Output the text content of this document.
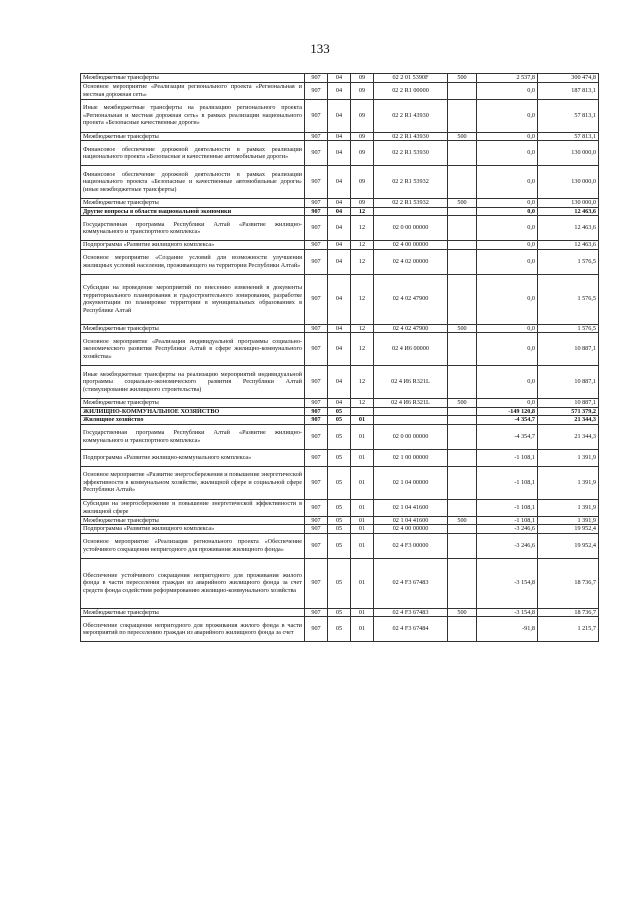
133
Межбюджетные трансферты	907	04	09	02 2 01 5390F	500	2 537,8	300 474,8
Основное мероприятие «Реализация регионального проекта «Региональная и местная дорожная сеть»	907	04	09	02 2 R1 00000		0,0	187 813,1
Иные межбюджетные трансферты на реализацию регионального проекта «Региональная и местная дорожная сеть» в рамках реализации национального проекта «Безопасные качественные дороги»	907	04	09	02 2 R1 43930		0,0	57 813,1
Межбюджетные трансферты	907	04	09	02 2 R1 43930	500	0,0	57 813,1
Финансовое обеспечение дорожной деятельности в рамках реализации национального проекта «Безопасные и качественные автомобильные дороги»	907	04	09	02 2 R1 53930		0,0	130 000,0
Финансовое обеспечение дорожной деятельности в рамках реализации национального проекта «Безопасные и качественные автомобильные дороги» (иные межбюджетные трансферты)	907	04	09	02 2 R1 53932		0,0	130 000,0
Межбюджетные трансферты	907	04	09	02 2 R1 53932	500	0,0	130 000,0
Другие вопросы в области национальной экономики	907	04	12			0,0	12 463,6
Государственная программа Республики Алтай «Развитие жилищно-коммунального и транспортного комплекса»	907	04	12	02 0 00 00000		0,0	12 463,6
Подпрограмма «Развитие жилищного комплекса»	907	04	12	02 4 00 00000		0,0	12 463,6
Основное мероприятие «Создание условий для возможности улучшения жилищных условий населения, проживающего на территории Республики Алтай»	907	04	12	02 4 02 00000		0,0	1 576,5
Субсидии на проведение мероприятий по внесению изменений в документы территориального планирования и градостроительного зонирования, разработке документации по планировке территории в муниципальных образованиях в Республике Алтай	907	04	12	02 4 02 47900		0,0	1 576,5
Межбюджетные трансферты	907	04	12	02 4 02 47900	500	0,0	1 576,5
Основное мероприятие «Реализация индивидуальной программы социально-экономического развития Республики Алтай в сфере жилищно-коммунального хозяйства»	907	04	12	02 4 И6 00000		0,0	10 887,1
Иные межбюджетные трансферты на реализацию мероприятий индивидуальной программы социально-экономического развития Республики Алтай (стимулирование жилищного строительства)	907	04	12	02 4 И6 R321L		0,0	10 887,1
Межбюджетные трансферты	907	04	12	02 4 И6 R321L	500	0,0	10 887,1
ЖИЛИЩНО-КОММУНАЛЬНОЕ ХОЗЯЙСТВО	907	05				-149 120,8	571 379,2
Жилищное хозяйство	907	05	01			-4 354,7	21 344,3
Государственная программа Республики Алтай «Развитие жилищно-коммунального и транспортного комплекса»	907	05	01	02 0 00 00000		-4 354,7	21 344,3
Подпрограмма «Развитие жилищно-коммунального комплекса»	907	05	01	02 1 00 00000		-1 108,1	1 391,9
Основное мероприятие «Развитие энергосбережения и повышение энергетической эффективности в коммунальном хозяйстве, жилищной сфере и социальной сфере Республики Алтай»	907	05	01	02 1 04 00000		-1 108,1	1 391,9
Субсидии на энергосбережение и повышение энергетической эффективности в жилищной сфере	907	05	01	02 1 04 41600		-1 108,1	1 391,9
Межбюджетные трансферты	907	05	01	02 1 04 41600	500	-1 108,1	1 391,9
Подпрограмма «Развитие жилищного комплекса»	907	05	01	02 4 00 00000		-3 246,6	19 952,4
Основное мероприятие «Реализация регионального проекта «Обеспечение устойчивого сокращения непригодного для проживания жилищного фонда»	907	05	01	02 4 F3 00000		-3 246,6	19 952,4
Обеспечение устойчивого сокращения непригодного для проживания жилого фонда в части переселения граждан из аварийного жилищного фонда за счет средств фонда содействия реформированию жилищно-коммунального хозяйства	907	05	01	02 4 F3 67483		-3 154,8	18 736,7
Межбюджетные трансферты	907	05	01	02 4 F3 67483	500	-3 154,8	18 736,7
Обеспечение сокращения непригодного для проживания жилого фонда в части мероприятий по переселению граждан из аварийного жилищного фонда за счет	907	05	01	02 4 F3 67484		-91,8	1 215,7
